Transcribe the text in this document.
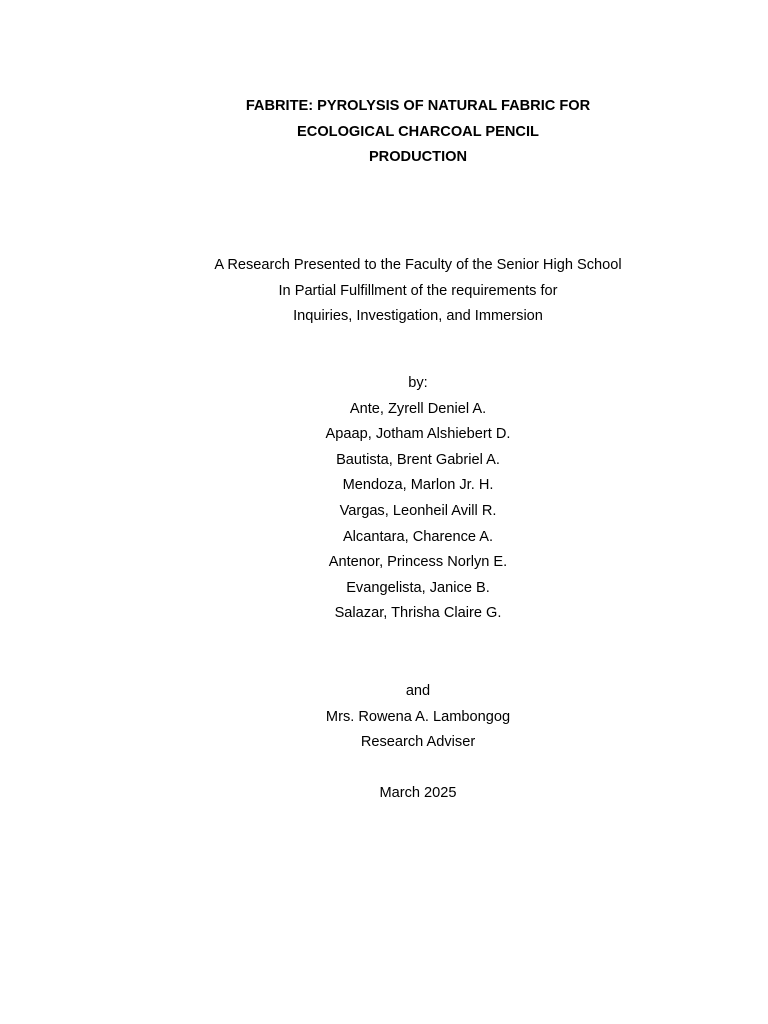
FABRITE: PYROLYSIS OF NATURAL FABRIC FOR
ECOLOGICAL CHARCOAL PENCIL
PRODUCTION
A Research Presented to the Faculty of the Senior High School
In Partial Fulfillment of the requirements for
Inquiries, Investigation, and Immersion
by:
Ante, Zyrell Deniel A.
Apaap, Jotham Alshiebert D.
Bautista, Brent Gabriel A.
Mendoza, Marlon Jr. H.
Vargas, Leonheil Avill R.
Alcantara, Charence A.
Antenor, Princess Norlyn E.
Evangelista, Janice B.
Salazar, Thrisha Claire G.
and
Mrs. Rowena A. Lambongog
Research Adviser
March 2025
